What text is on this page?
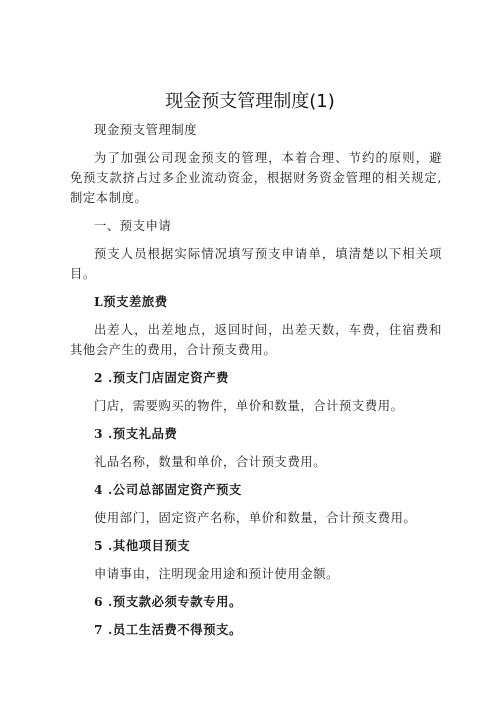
现金预支管理制度(1)

现金预支管理制度

为了加强公司现金预支的管理，本着合理、节约的原则，避免预支款挤占过多企业流动资金，根据财务资金管理的相关规定,制定本制度。

一、预支申请

预支人员根据实际情况填写预支申请单，填清楚以下相关项目。

L预支差旅费

出差人，出差地点，返回时间，出差天数，车费，住宿费和其他会产生的费用，合计预支费用。

2 .预支门店固定资产费

门店，需要购买的物件，单价和数量，合计预支费用。

3 .预支礼品费

礼品名称，数量和单价，合计预支费用。

4 .公司总部固定资产预支

使用部门，固定资产名称，单价和数量，合计预支费用。

5 .其他项目预支

申请事由，注明现金用途和预计使用金额。

6 .预支款必须专款专用。

7 .员工生活费不得预支。
